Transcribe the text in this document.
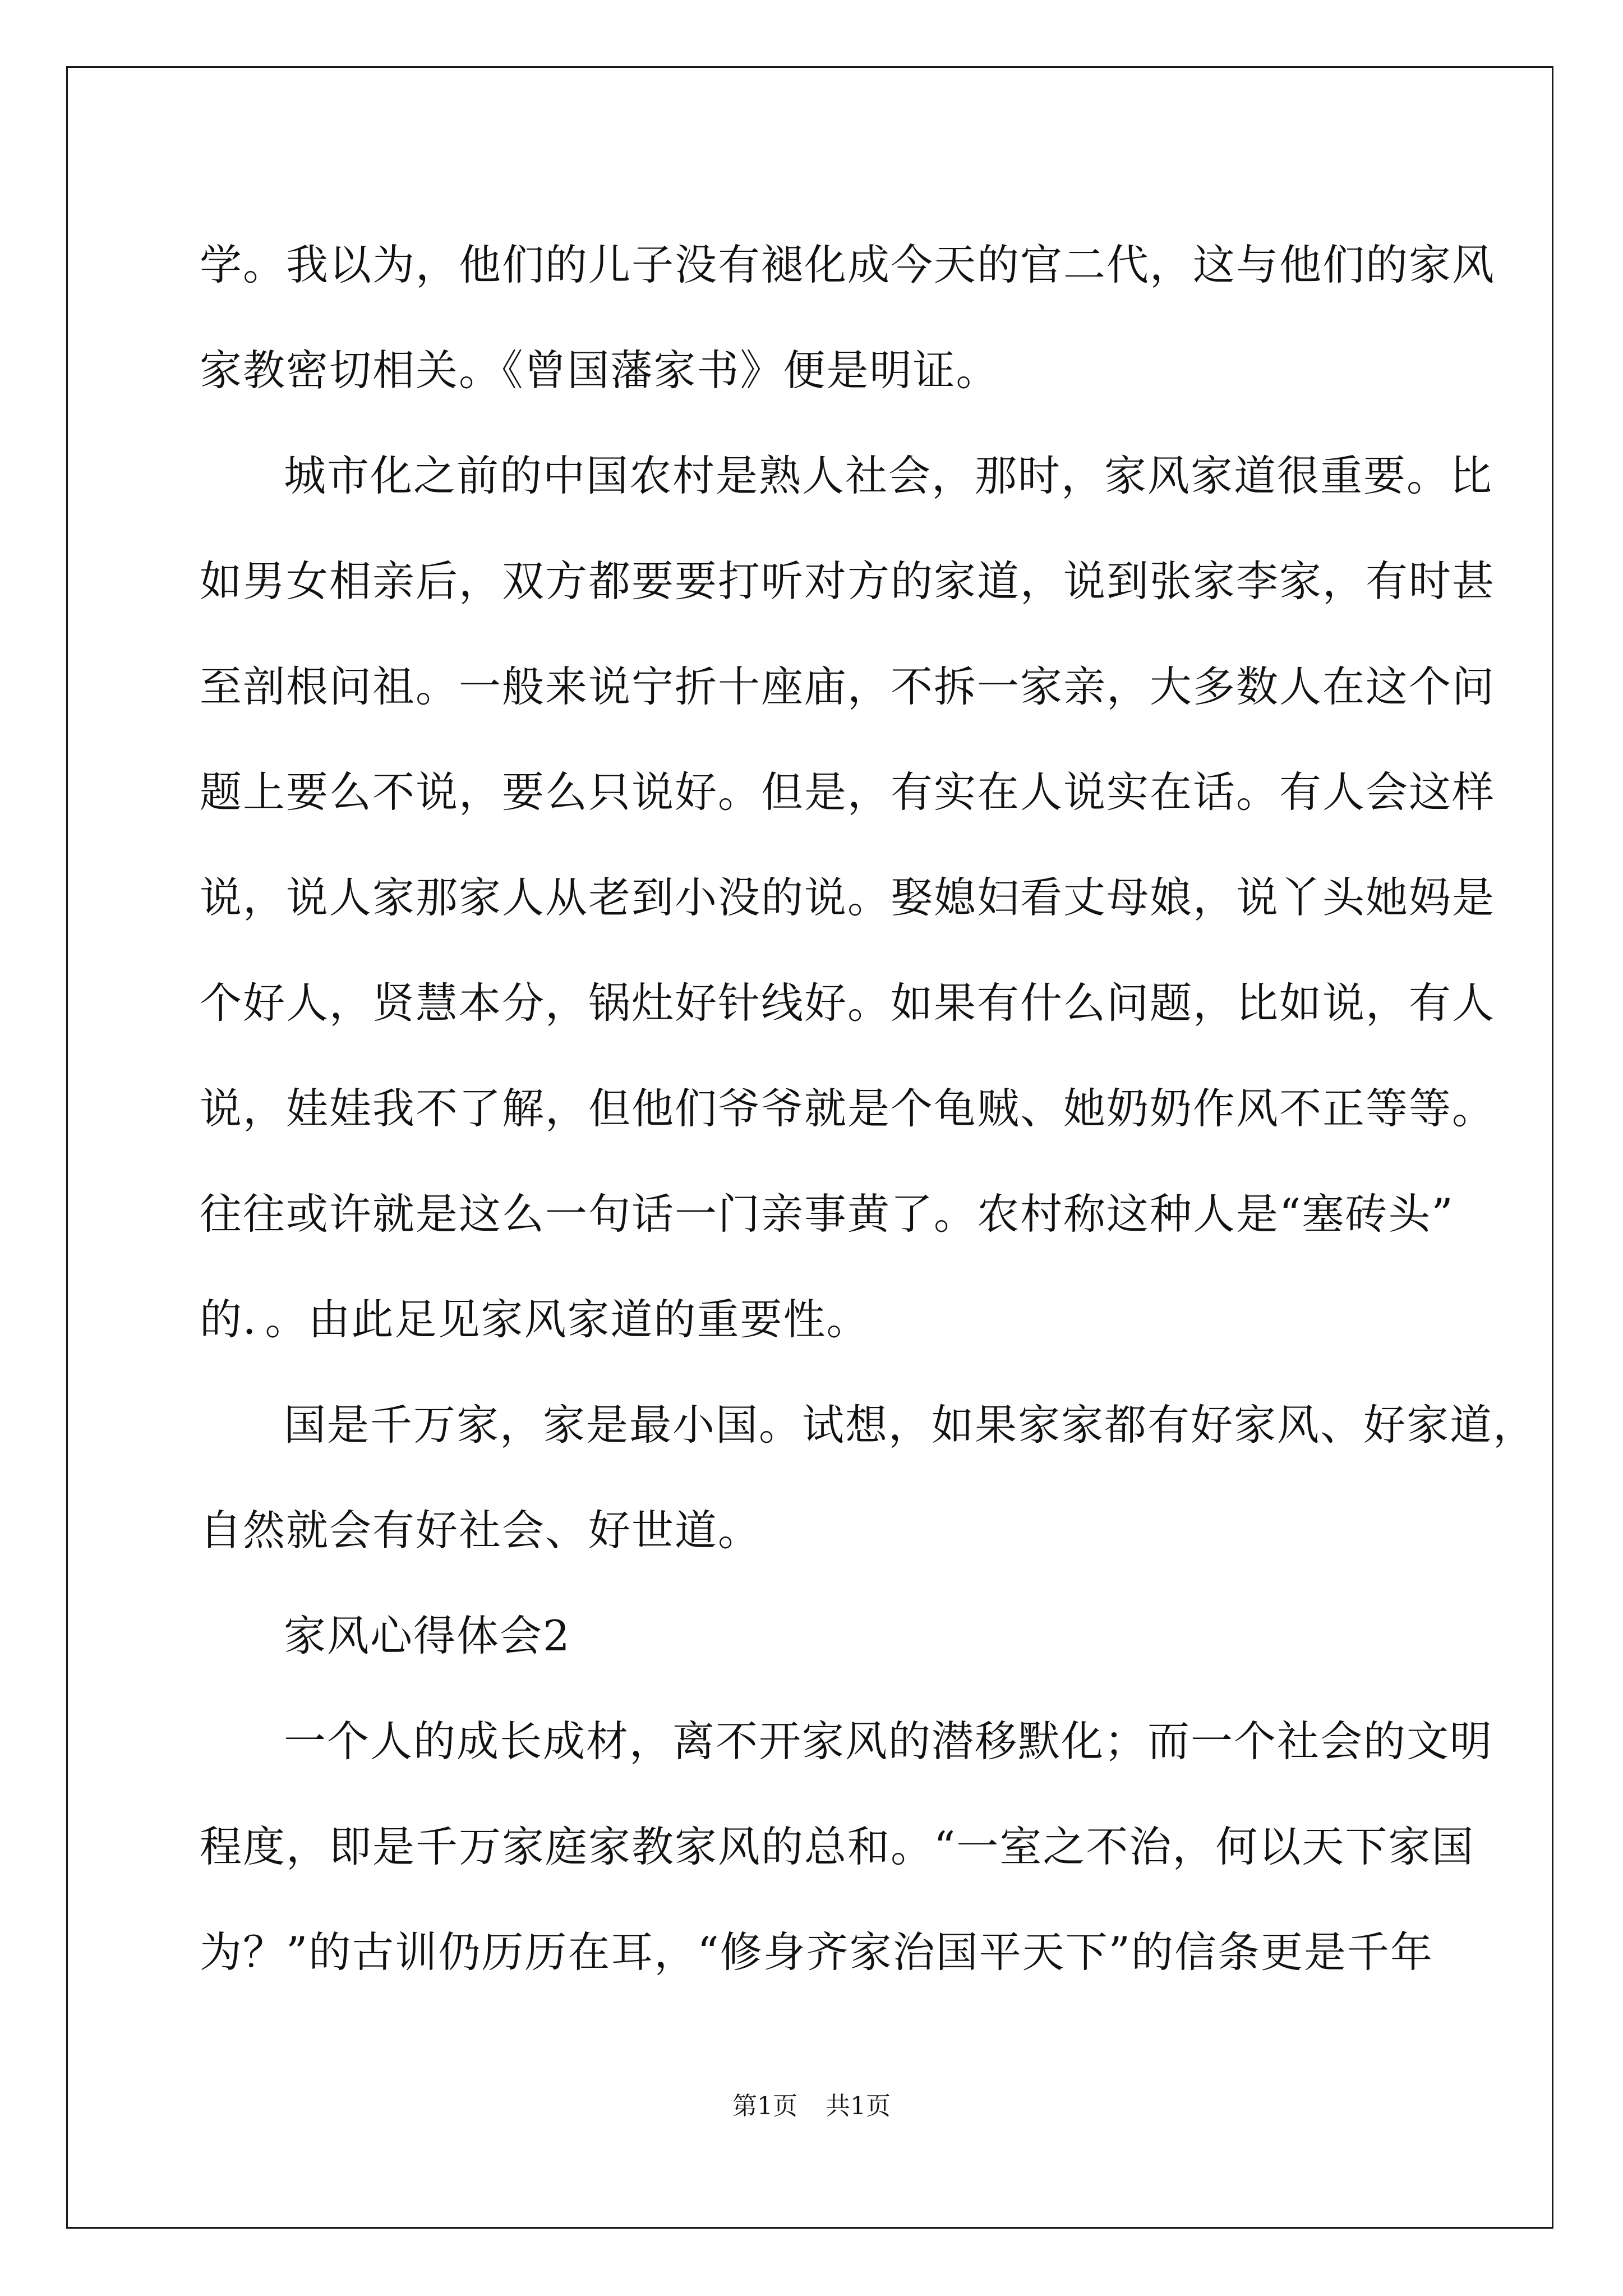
学。我以为，他们的儿子没有褪化成今天的官二代，这与他们的家风

家教密切相关。《曾国藩家书》便是明证。

城市化之前的中国农村是熟人社会，那时，家风家道很重要。比

如男女相亲后，双方都要要打听对方的家道，说到张家李家，有时甚

至剖根问祖。一般来说宁折十座庙，不拆一家亲，大多数人在这个问

题上要么不说，要么只说好。但是，有实在人说实在话。有人会这样

说，说人家那家人从老到小没的说。娶媳妇看丈母娘，说丫头她妈是

个好人，贤慧本分，锅灶好针线好。如果有什么问题，比如说，有人

说，娃娃我不了解，但他们爷爷就是个龟贼、她奶奶作风不正等等。

往往或许就是这么一句话一门亲事黄了。农村称这种人是“塞砖头”

的．。由此足见家风家道的重要性。

国是千万家，家是最小国。试想，如果家家都有好家风、好家道，

自然就会有好社会、好世道。

家风心得体会2

一个人的成长成材，离不开家风的潜移默化；而一个社会的文明

程度，即是千万家庭家教家风的总和。“一室之不治，何以天下家国

为？”的古训仍历历在耳，“修身齐家治国平天下”的信条更是千年

第1页 共1页
